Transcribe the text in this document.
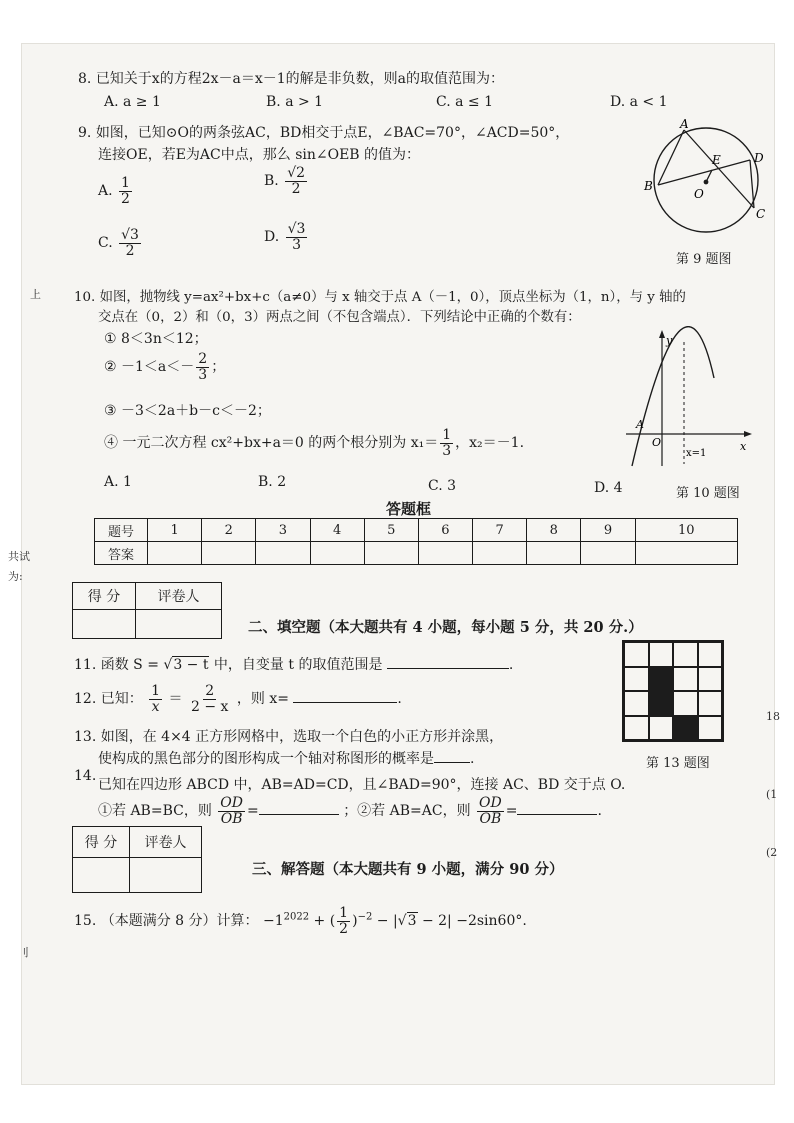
上
共试
为:
刂
18
(1
(2
8. 已知关于x的方程2x－a＝x－1的解是非负数，则a的取值范围为：
A. a ≥ 1	B. a > 1	C. a ≤ 1	D. a < 1
9. 如图，已知⊙O的两条弦AC，BD相交于点E，∠BAC=70°，∠ACD=50°，
连接OE，若E为AC中点，那么 sin∠OEB 的值为：
A. $\frac{1}{2}$	B. $\frac{√2}{2}$
C. $\frac{√3}{2}$	D. $\frac{√3}{3}$
A
B
C
D
E
O
第 9 题图
10. 如图，抛物线 y=ax²+bx+c（a≠0）与 x 轴交于点 A（－1，0），顶点坐标为（1，n），与 y 轴的
交点在（0，2）和（0，3）两点之间（不包含端点）．下列结论中正确的个数有：
① 8＜3n＜12；
② $-1<a<- \frac{2}{3}$ ；
③ －3＜2a＋b－c＜－2；
④ 一元二次方程 cx²+bx+a＝0 的两个根分别为 $x_1= \frac{1}{3}$ ，x₂＝－1.
A. 1	B. 2	C. 3	D. 4
y
x
A
O
x=1
第 10 题图
答题框
题号	1	2	3	4	5	6	7	8	9	10
答案										
得 分	评卷人

二、填空题（本大题共有 4 小题，每小题 5 分，共 20 分.）
11. 函数 S = √3 − t 中，自变量 t 的取值范围是	.
12. 已知： $\frac{1}{x} = \frac{2}{2 - x}$ ，则 x=	.
13. 如图，在 4×4 正方形网格中，选取一个白色的小正方形并涂黑，
使构成的黑色部分的图形构成一个轴对称图形的概率是	.	第 13 题图
14.
已知在四边形 ABCD 中，AB=AD=CD，且∠BAD=90°，连接 AC、BD 交于点 O.
①若 AB=BC，则 $\frac{OD}{OB}$ =	；②若 AB=AC，则 $\frac{OD}{OB}$ =	.
得 分	评卷人

三、解答题（本大题共有 9 小题，满分 90 分）
15. （本题满分 8 分）计算： $-1^{2022}$ + ( $\frac{1}{2} )^{-2} - |√3 - 2| -2\sin 60^\circ$.
